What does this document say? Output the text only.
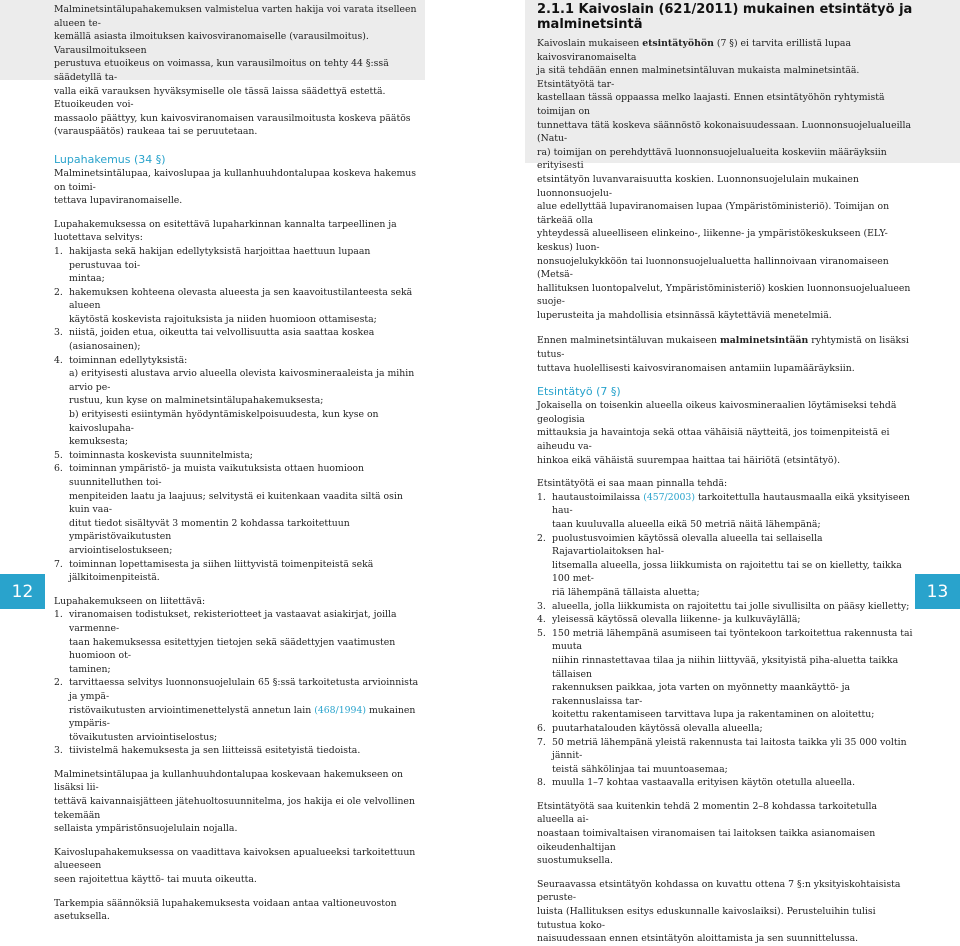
Malminetsintälupahakemuksen valmistelua varten hakija voi varata itselleen alueen te-

kemällä asiasta ilmoituksen kaivosviranomaiselle (varausilmoitus). Varausilmoitukseen

perustuva etuoikeus on voimassa, kun varausilmoitus on tehty 44 §:ssä säädetyllä ta-

valla eikä varauksen hyväksymiselle ole tässä laissa säädettyä estettä. Etuoikeuden voi-

massaolo päättyy, kun kaivosviranomaisen varausilmoitusta koskeva päätös

(varauspäätös) raukeaa tai se peruutetaan.

Lupahakemus (34 §)

Malminetsintälupaa, kaivoslupaa ja kullanhuuhdontalupaa koskeva hakemus on toimi-

tettava lupaviranomaiselle.

Lupahakemuksessa on esitettävä lupaharkinnan kannalta tarpeellinen ja luotettava selvitys:

1. hakijasta sekä hakijan edellytyksistä harjoittaa haettuun lupaan perustuvaa toi-

mintaa;

2. hakemuksen kohteena olevasta alueesta ja sen kaavoitustilanteesta sekä alueen

käytöstä koskevista rajoituksista ja niiden huomioon ottamisesta;

3. niistä, joiden etua, oikeutta tai velvollisuutta asia saattaa koskea (asianosainen);

4. toiminnan edellytyksistä:

a) erityisesti alustava arvio alueella olevista kaivosmineraaleista ja mihin arvio pe-

rustuu, kun kyse on malminetsintälupahakemuksesta;

b) erityisesti esiintymän hyödyntämiskelpoisuudesta, kun kyse on kaivoslupaha-

kemuksesta;

5. toiminnasta koskevista suunnitelmista;

6. toiminnan ympäristö- ja muista vaikutuksista ottaen huomioon suunnitelluthen toi-

menpiteiden laatu ja laajuus; selvitystä ei kuitenkaan vaadita siltä osin kuin vaa-

ditut tiedot sisältyvät 3 momentin 2 kohdassa tarkoitettuun ympäristövaikutusten

arviointiselostukseen;

7. toiminnan lopettamisesta ja siihen liittyvistä toimenpiteistä sekä jälkitoimenpiteistä.

Lupahakemukseen on liitettävä:

1. viranomaisen todistukset, rekisteriotteet ja vastaavat asiakirjat, joilla varmenne-

taan hakemuksessa esitettyjen tietojen sekä säädettyjen vaatimusten huomioon ot-

taminen;

2. tarvittaessa selvitys luonnonsuojelulain 65 §:ssä tarkoitetusta arvioinnista ja ympä-

ristövaikutusten arviointimenettelystä annetun lain (468/1994) mukainen ympäris-

tövaikutusten arviointiselostus;

3. tiivistelmä hakemuksesta ja sen liitteissä esitetyistä tiedoista.

Malminetsintälupaa ja kullanhuuhdontalupaa koskevaan hakemukseen on lisäksi lii-

tettävä kaivannaisjätteen jätehuoltosuunnitelma, jos hakija ei ole velvollinen tekemään

sellaista ympäristönsuojelulain nojalla.

Kaivoslupahakemuksessa on vaadittava kaivoksen apualueeksi tarkoitettuun alueeseen

seen rajoitettua käyttö- tai muuta oikeutta.

Tarkempia säännöksiä lupahakemuksesta voidaan antaa valtioneuvoston asetuksella.

12

2.1.1 Kaivoslain (621/2011) mukainen etsintätyö ja

malminetsintä

Kaivoslain mukaiseen etsintätyöhön (7 §) ei tarvita erillistä lupaa kaivosviranomaiselta

ja sitä tehdään ennen malminetsintäluvan mukaista malminetsintää. Etsintätyötä tar-

kastellaan tässä oppaassa melko laajasti. Ennen etsintätyöhön ryhtymistä toimijan on

tunnettava tätä koskeva säännöstö kokonaisuudessaan. Luonnonsuojelualueilla (Natu-

ra) toimijan on perehdyttävä luonnonsuojelualueita koskeviin määräyksiin erityisesti

etsintätyön luvanvaraisuutta koskien. Luonnonsuojelulain mukainen luonnonsuojelu-

alue edellyttää lupaviranomaisen lupaa (Ympäristöministeriö). Toimijan on tärkeää olla

yhteydessä alueelliseen elinkeino-, liikenne- ja ympäristökeskukseen (ELY-keskus) luon-

nonsuojelukykköön tai luonnonsuojelualuetta hallinnoivaan viranomaiseen (Metsä-

hallituksen luontopalvelut, Ympäristöministeriö) koskien luonnonsuojelualueen suoje-

luperusteita ja mahdollisia etsinnässä käytettäviä menetelmiä.

Ennen malminetsintäluvan mukaiseen malminetsintään ryhtymistä on lisäksi tutus-

tuttava huolellisesti kaivosviranomaisen antamiin lupamääräyksiin.

Etsintätyö (7 §)

Jokaisella on toisenkin alueella oikeus kaivosmineraalien löytämiseksi tehdä geologisia

mittauksia ja havaintoja sekä ottaa vähäisiä näytteitä, jos toimenpiteistä ei aiheudu va-

hinkoa eikä vähäistä suurempaa haittaa tai häiriötä (etsintätyö).

Etsintätyötä ei saa maan pinnalla tehdä:

1. hautaustoimilaissa (457/2003) tarkoitettulla hautausmaalla eikä yksityiseen hau-

taan kuuluvalla alueella eikä 50 metriä näitä lähempänä;

2. puolustusvoimien käytössä olevalla alueella tai sellaisella Rajavartiolaitoksen hal-

litsemalla alueella, jossa liikkumista on rajoitettu tai se on kielletty, taikka 100 met-

riä lähempänä tällaista aluetta;

3. alueella, jolla liikkumista on rajoitettu tai jolle sivullisilta on pääsy kielletty;

4. yleisessä käytössä olevalla liikenne- ja kulkuväylällä;

5. 150 metriä lähempänä asumiseen tai työntekoon tarkoitettua rakennusta tai muuta

niihin rinnastettavaa tilaa ja niihin liittyvää, yksityistä piha-aluetta taikka tällaisen

rakennuksen paikkaa, jota varten on myönnetty maankäyttö- ja rakennuslaissa tar-

koitettu rakentamiseen tarvittava lupa ja rakentaminen on aloitettu;

6. puutarhatalouden käytössä olevalla alueella;

7. 50 metriä lähempänä yleistä rakennusta tai laitosta taikka yli 35 000 voltin jännit-

teistä sähkölinjaa tai muuntoasemaa;

8. muulla 1–7 kohtaa vastaavalla erityisen käytön otetulla alueella.

Etsintätyötä saa kuitenkin tehdä 2 momentin 2–8 kohdassa tarkoitetulla alueella ai-

noastaan toimivaltaisen viranomaisen tai laitoksen taikka asianomaisen oikeudenhaltijan

suostumuksella.

Seuraavassa etsintätyön kohdassa on kuvattu ottena 7 §:n yksityiskohtaisista peruste-

luista (Hallituksen esitys eduskunnalle kaivoslaiksi). Perusteluihin tulisi tutustua koko-

naisuudessaan ennen etsintätyön aloittamista ja sen suunnittelussa.

13
